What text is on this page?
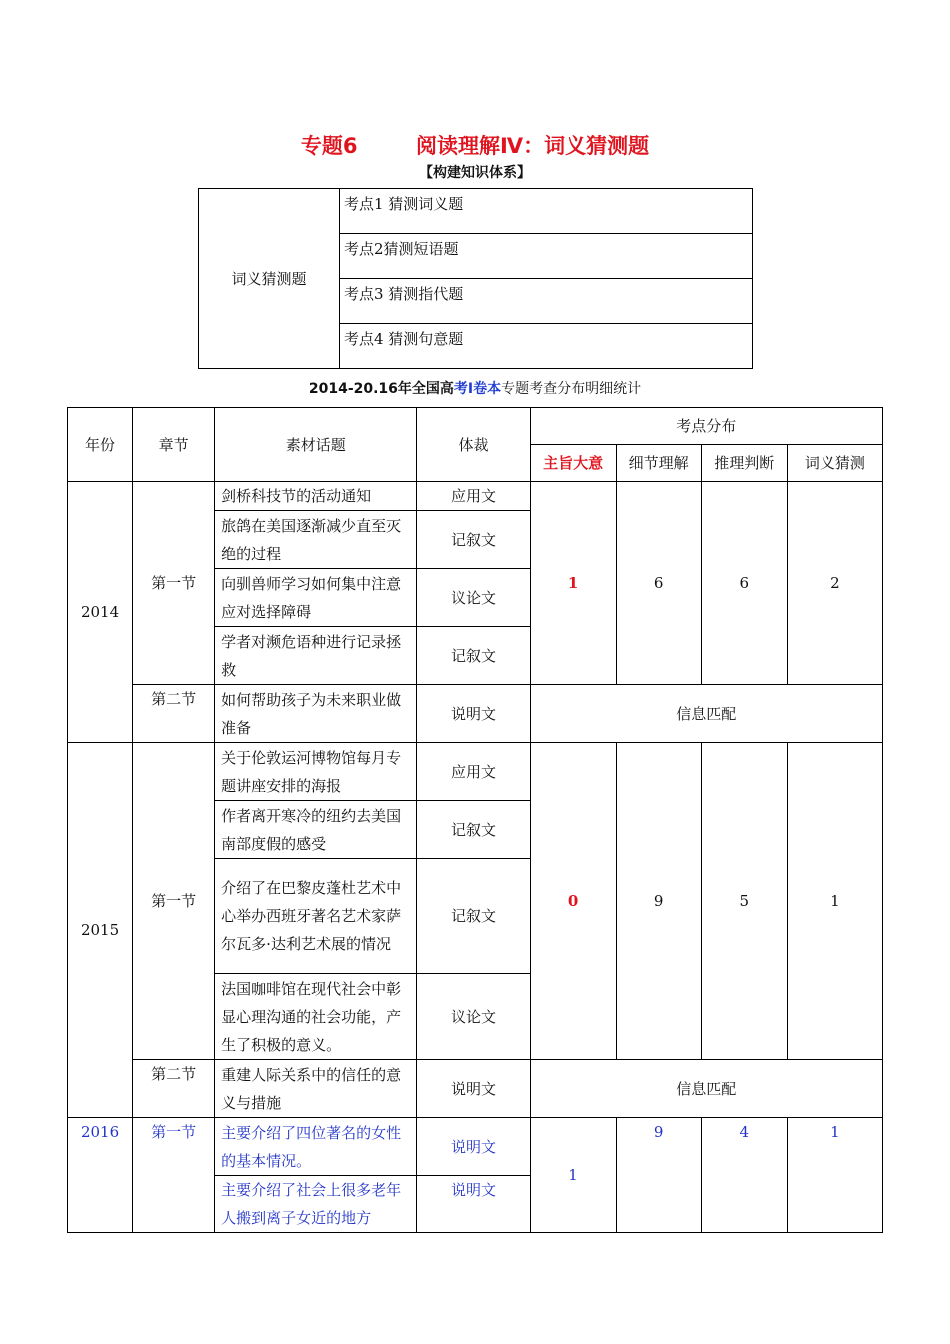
专题6	阅读理解Ⅳ：词义猜测题
【构建知识体系】
词义猜测题	考点1 猜测词义题
考点2猜测短语题
考点3 猜测指代题
考点4 猜测句意题
2014-20.16年全国高考Ⅰ卷本专题考查分布明细统计
年份	章节	素材话题	体裁	考点分布			
				主旨大意	细节理解	推理判断	词义猜测
2014	第一节	剑桥科技节的活动通知	应用文	1	6	6	2
		旅鸽在美国逐渐减少直至灭绝的过程	记叙文				
		向驯兽师学习如何集中注意应对选择障碍	议论文				
		学者对濒危语种进行记录拯救	记叙文				
	第二节	如何帮助孩子为未来职业做准备	说明文	信息匹配			
2015	第一节	关于伦敦运河博物馆每月专题讲座安排的海报	应用文	0	9	5	1
		作者离开寒冷的纽约去美国南部度假的感受	记叙文				
		介绍了在巴黎皮蓬杜艺术中心举办西班牙著名艺术家萨尔瓦多·达利艺术展的情况	记叙文				
		法国咖啡馆在现代社会中彰显心理沟通的社会功能，产生了积极的意义。	议论文				
	第二节	重建人际关系中的信任的意义与措施	说明文	信息匹配			
2016	第一节	主要介绍了四位著名的女性的基本情况。	说明文	1	9	4	1
		主要介绍了社会上很多老年人搬到离子女近的地方	说明文				
